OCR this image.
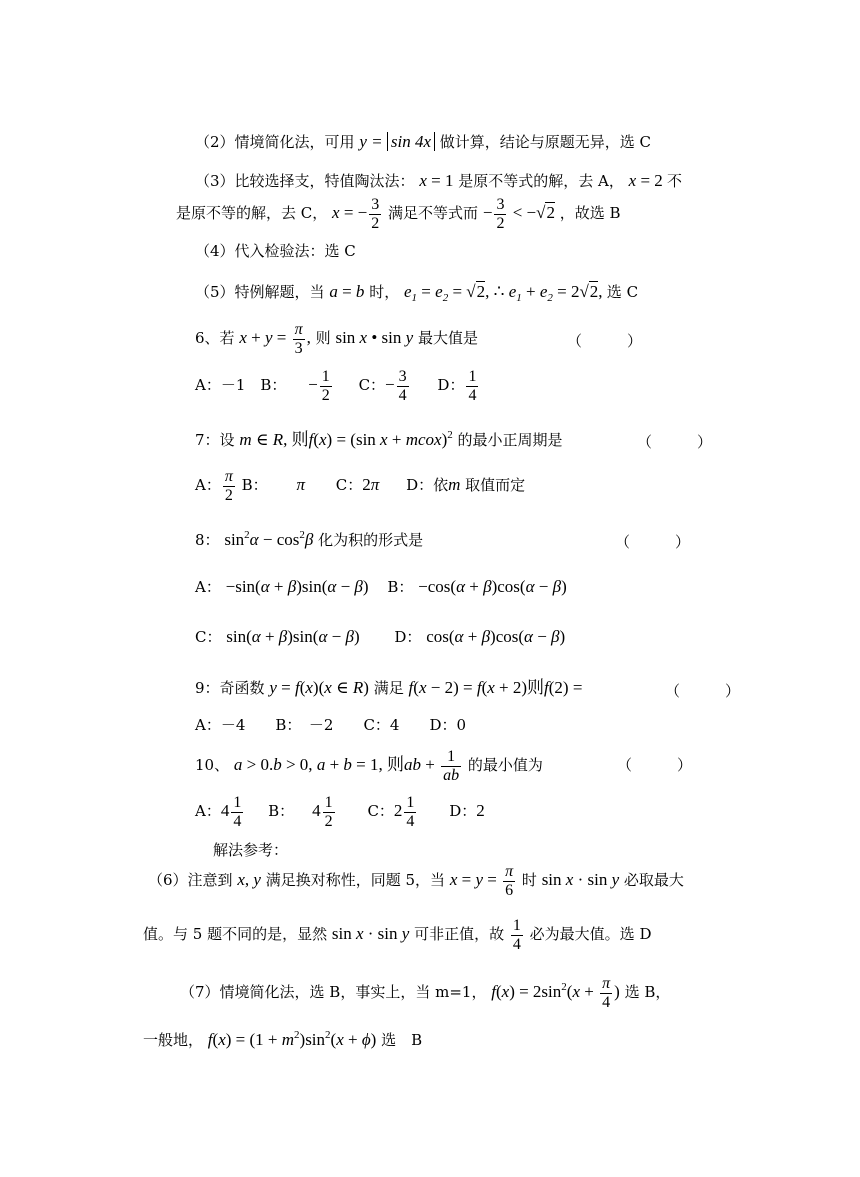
（2）情境简化法，可用 y = sin 4x 做计算，结论与原题无异，选 C
（3）比较选择支，特值陶汰法： x = 1 是原不等式的解，去 A， x = 2 不
是原不等的解，去 C， x = − $\frac{3}{2}$ 满足不等式而 − $\frac{3}{2} < -√2$ ，故选 B
（4）代入检验法：选 C
（5）特例解题，当 a = b 时， $e_1 = e_2 = √2$, ∴ $e_1 + e_2 = 2√2$, 选 C
6、若 $x + y = \frac{\pi}{3}$ , 则 sin x • sin y 最大值是	（　　　）
A：－1　B： 　− $\frac{1}{2}$ C：− $\frac{3}{4}$ D： $\frac{1}{4}$
7：设 m ∈ R, 则f(x) = (sin x + mcox)$^2$ 的最小正周期是	（　　　）
A： $\frac{\pi}{2}$ B： π C：2π D：依m 取值而定
8： $\sin^2\alpha - \cos^2\beta$ 化为积的形式是	（　　　）
A： −sin(α + β)sin(α − β) B： −cos(α + β)cos(α − β)
C： sin(α + β)sin(α − β) D： cos(α + β)cos(α − β)
9：奇函数 y = f(x)(x ∈ R) 满足 f(x − 2) = f(x + 2)则f(2) =	（　　　）
A：－4　　B：　－2　　C：4　　D：0
10、 a > 0.b > 0, a + b = 1, 则ab + $\frac{1}{ab}$ 的最小值为	（　　　）
A：$4 \frac{1}{4}$ B： $4 \frac{1}{2}$ C：$2 \frac{1}{4}$ D：2
解法参考：
（6）注意到 x, y 满足换对称性，同题 5，当 $x = y = \frac{\pi}{6}$ 时 sin x · sin y 必取最大
值。与 5 题不同的是，显然 sin x · sin y 可非正值，故 $\frac{1}{4}$ 必为最大值。选 D
（7）情境简化法，选 B，事实上，当 m=1， $f(x) = 2\sin^2(x + \frac{\pi}{4}$ ) 选 B，
一般地， $f(x) = (1 + m^2)\sin^2(x + \phi)$ 选　B
